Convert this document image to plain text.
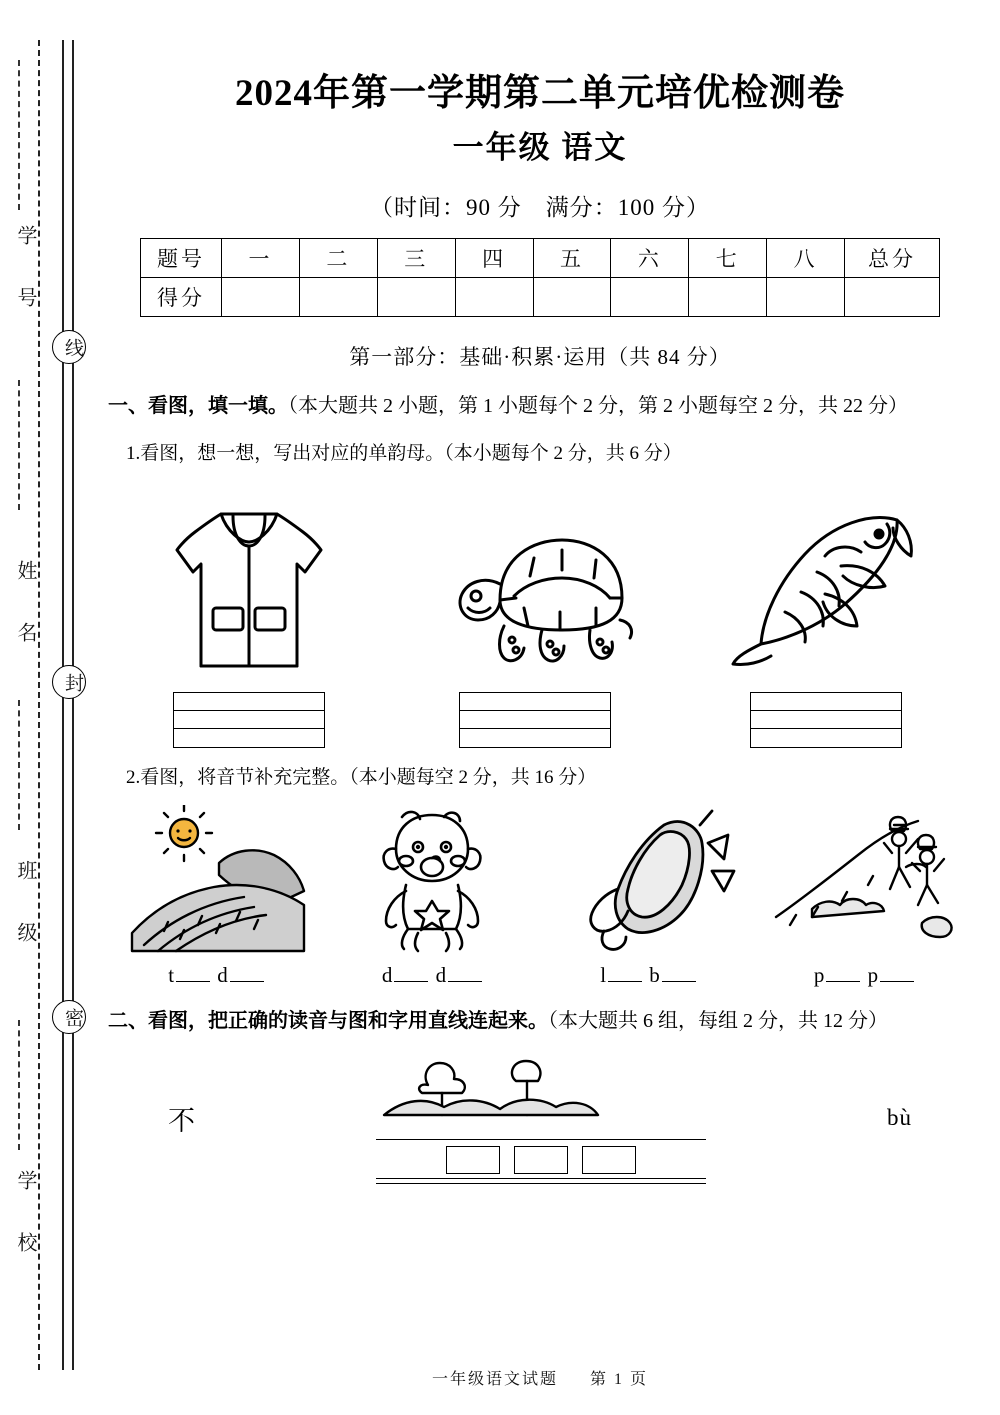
学 号
姓 名
班 级
学 校
线
封
密
2024年第一学期第二单元培优检测卷
一年级 语文
（时间：90 分　满分：100 分）
题号	一	二	三	四	五	六	七	八	总分
得分									
第一部分：基础·积累·运用（共 84 分）
一、看图，填一填。（本大题共 2 小题，第 1 小题每个 2 分，第 2 小题每空 2 分，共 22 分）
1.看图，想一想，写出对应的单韵母。（本小题每个 2 分，共 6 分）
2.看图，将音节补充完整。（本小题每空 2 分，共 16 分）
t d	d d	l b	p p
二、看图，把正确的读音与图和字用直线连起来。（本大题共 6 组，每组 2 分，共 12 分）
不	bù
一年级语文试题 第 1 页
